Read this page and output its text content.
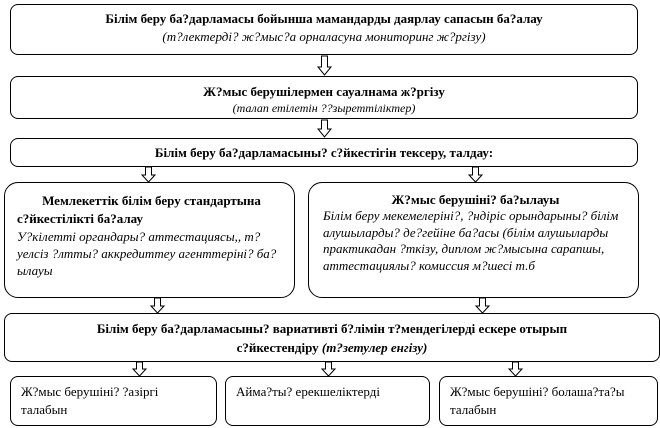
Білім беру ба?дарламасы бойынша мамандарды даярлау сапасын ба?алау
(т?лектерді? ж?мыс?а орналасуна мониторинг ж?ргізу)
Ж?мыс берушілермен сауалнама ж?ргізу
(талап етілетін ??зыреттіліктер)
Білім беру ба?дарламасыны? с?йкестігін тексеру, талдау:
Мемлекеттік білім беру стандартына
с?йкестілікті ба?алау
У?кілетті органдары? аттестациясы,, т?уелсіз ?лтты? аккредиттеу агенттеріні? ба?ылауы
Ж?мыс берушіні? ба?ылауы
Білім беру мекемелеріні?, ?ндіріс орындарыны? білім алушыларды? де?гейіне ба?асы (білім алушыларды практикадан ?ткізу, диплом ж?мысына сарапшы, аттестациялы? комиссия м?шесі т.б
Білім беру ба?дарламасыны? вариативті б?лімін т?мендегілерді ескере отырып
с?йкестендіру (т?зетулер енгізу)
Ж?мыс берушіні? ?азіргі талабын
Аймa?ты? ерекшеліктерді	Ж?мыс берушіні? болаша?та?ы талабын
